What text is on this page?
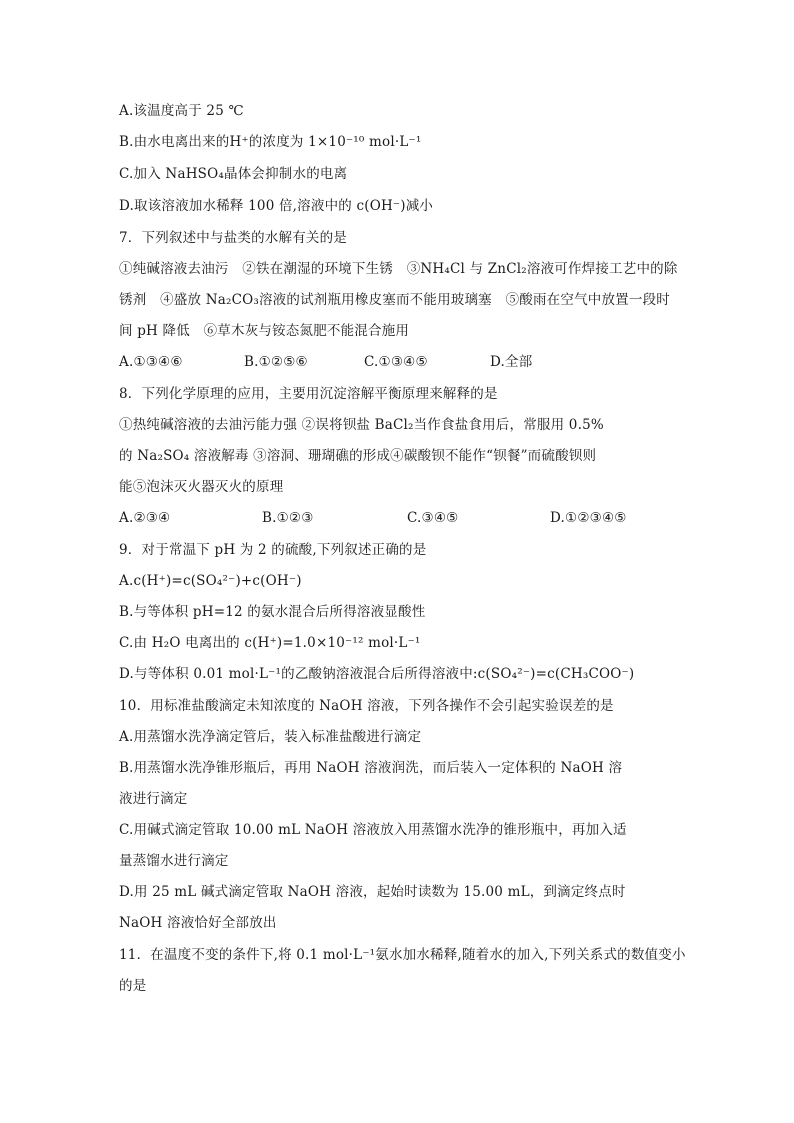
A.该温度高于 25 ℃
B.由水电离出来的H⁺的浓度为 1×10⁻¹⁰ mol·L⁻¹
C.加入 NaHSO₄晶体会抑制水的电离
D.取该溶液加水稀释 100 倍,溶液中的 c(OH⁻)减小
7．下列叙述中与盐类的水解有关的是
①纯碱溶液去油污　②铁在潮湿的环境下生锈　③NH₄Cl 与 ZnCl₂溶液可作焊接工艺中的除
锈剂　④盛放 Na₂CO₃溶液的试剂瓶用橡皮塞而不能用玻璃塞　⑤酸雨在空气中放置一段时
间 pH 降低　⑥草木灰与铵态氮肥不能混合施用
A.①③④⑥	B.①②⑤⑥	C.①③④⑤	D.全部
8．下列化学原理的应用，主要用沉淀溶解平衡原理来解释的是
①热纯碱溶液的去油污能力强 ②误将钡盐 BaCl₂当作食盐食用后，常服用 0.5%
的 Na₂SO₄ 溶液解毒 ③溶洞、珊瑚礁的形成④碳酸钡不能作“钡餐”而硫酸钡则
能⑤泡沫灭火器灭火的原理
A.②③④	B.①②③	C.③④⑤	D.①②③④⑤
9．对于常温下 pH 为 2 的硫酸,下列叙述正确的是
A.c(H⁺)=c(SO₄²⁻)+c(OH⁻)
B.与等体积 pH=12 的氨水混合后所得溶液显酸性
C.由 H₂O 电离出的 c(H⁺)=1.0×10⁻¹² mol·L⁻¹
D.与等体积 0.01 mol·L⁻¹的乙酸钠溶液混合后所得溶液中:c(SO₄²⁻)=c(CH₃COO⁻)
10．用标准盐酸滴定未知浓度的 NaOH 溶液，下列各操作不会引起实验误差的是
A.用蒸馏水洗净滴定管后，装入标准盐酸进行滴定
B.用蒸馏水洗净锥形瓶后，再用 NaOH 溶液润洗，而后装入一定体积的 NaOH 溶
液进行滴定
C.用碱式滴定管取 10.00 mL NaOH 溶液放入用蒸馏水洗净的锥形瓶中，再加入适
量蒸馏水进行滴定
D.用 25 mL 碱式滴定管取 NaOH 溶液，起始时读数为 15.00 mL，到滴定终点时
NaOH 溶液恰好全部放出
11．在温度不变的条件下,将 0.1 mol·L⁻¹氨水加水稀释,随着水的加入,下列关系式的数值变小
的是
